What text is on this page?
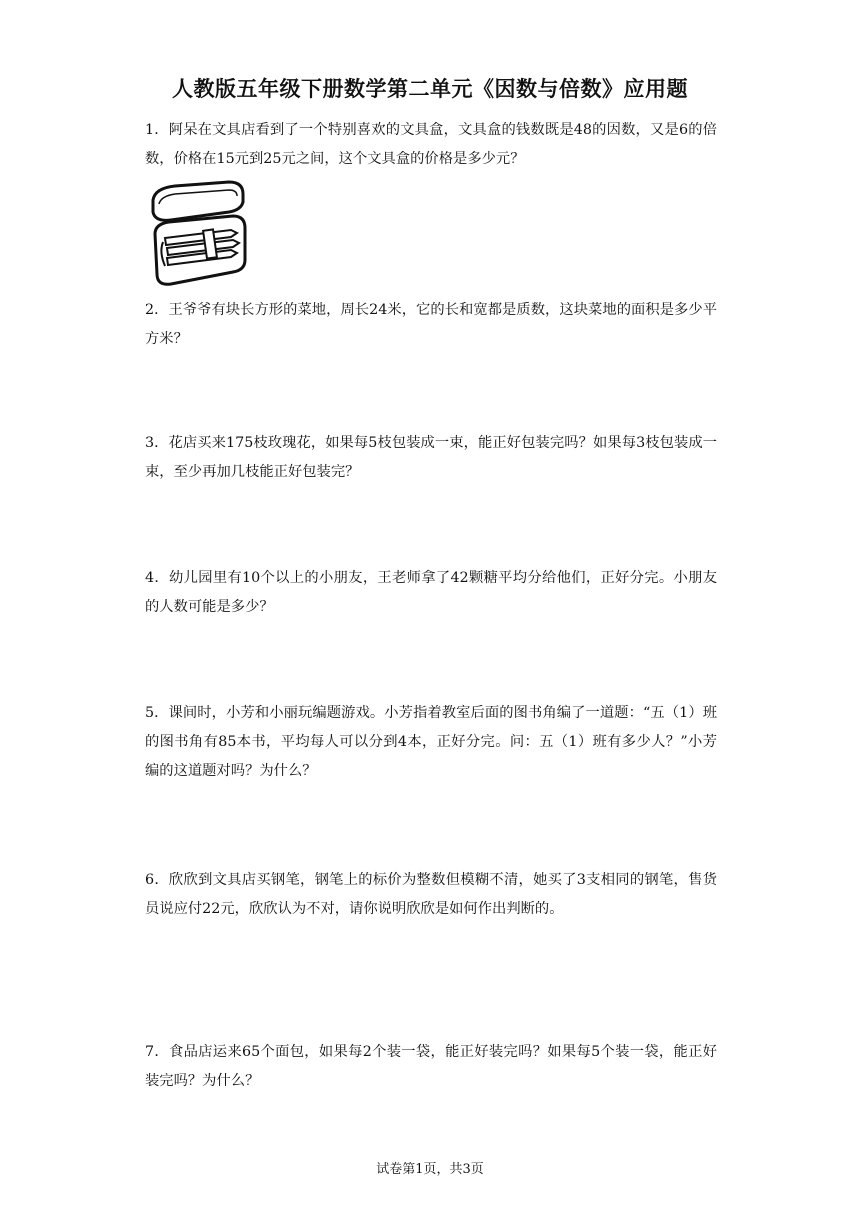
人教版五年级下册数学第二单元《因数与倍数》应用题
1．阿呆在文具店看到了一个特别喜欢的文具盒，文具盒的钱数既是48的因数，又是6的倍数，价格在15元到25元之间，这个文具盒的价格是多少元？
2．王爷爷有块长方形的菜地，周长24米，它的长和宽都是质数，这块菜地的面积是多少平方米？
3．花店买来175枝玫瑰花，如果每5枝包装成一束，能正好包装完吗？如果每3枝包装成一束，至少再加几枝能正好包装完？
4．幼儿园里有10个以上的小朋友，王老师拿了42颗糖平均分给他们，正好分完。小朋友的人数可能是多少？
5．课间时，小芳和小丽玩编题游戏。小芳指着教室后面的图书角编了一道题：“五（1）班的图书角有85本书，平均每人可以分到4本，正好分完。问：五（1）班有多少人？”小芳编的这道题对吗？为什么？
6．欣欣到文具店买钢笔，钢笔上的标价为整数但模糊不清，她买了3支相同的钢笔，售货员说应付22元，欣欣认为不对，请你说明欣欣是如何作出判断的。
7．食品店运来65个面包，如果每2个装一袋，能正好装完吗？如果每5个装一袋，能正好装完吗？为什么？
试卷第1页，共3页
